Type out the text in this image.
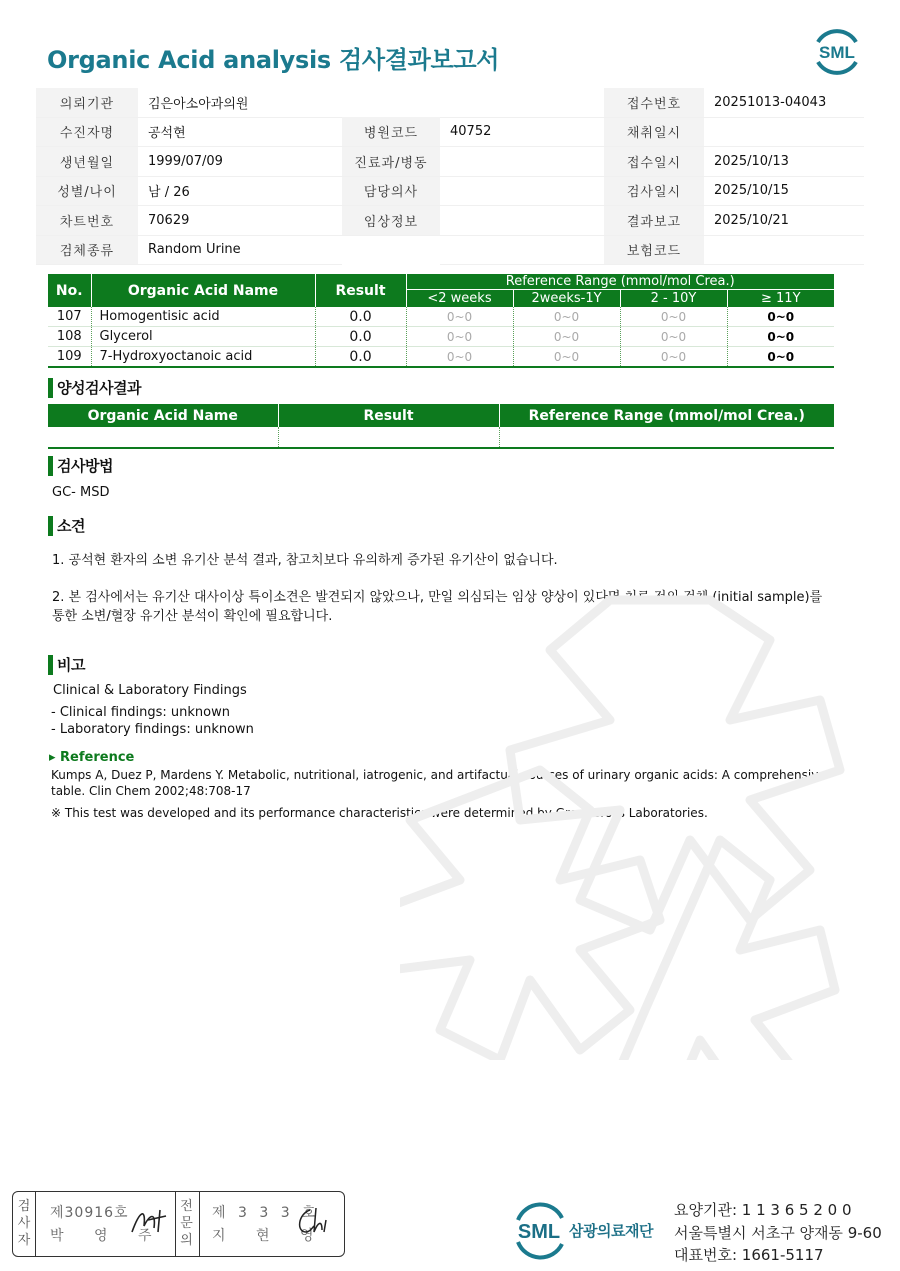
Organic Acid analysis 검사결과보고서	SML
의뢰기관	김은아소아과의원			접수번호	20251013-04043
수진자명	공석현	병원코드	40752	채취일시	
생년월일	1999/07/09	진료과/병동		접수일시	2025/10/13
성별/나이	남 / 26	담당의사		검사일시	2025/10/15
차트번호	70629	임상정보		결과보고	2025/10/21
검체종류	Random Urine			보험코드	
No.	Organic Acid Name	Result	Reference Range (mmol/mol Crea.)			
			<2 weeks	2weeks-1Y	2 - 10Y	≥ 11Y
107	Homogentisic acid	0.0	0~0	0~0	0~0	0~0
108	Glycerol	0.0	0~0	0~0	0~0	0~0
109	7-Hydroxyoctanoic acid	0.0	0~0	0~0	0~0	0~0
양성검사결과
Organic Acid Name	Result	Reference Range (mmol/mol Crea.)

검사방법
GC- MSD
소견
1. 공석현 환자의 소변 유기산 분석 결과, 참고치보다 유의하게 증가된 유기산이 없습니다.
2. 본 검사에서는 유기산 대사이상 특이소견은 발견되지 않았으나, 만일 의심되는 임상 양상이 있다면 치료 전의 검체 (initial sample)를
통한 소변/혈장 유기산 분석이 확인에 필요합니다.
비고
Clinical & Laboratory Findings
- Clinical findings: unknown
- Laboratory findings: unknown
▸ Reference
Kumps A, Duez P, Mardens Y. Metabolic, nutritional, iatrogenic, and artifactual sources of urinary organic acids: A comprehensive
table. Clin Chem 2002;48:708-17
※ This test was developed and its performance characteristics were determined by GreenCross Laboratories.
검
사
자
제30916호
박 영 주
전
문
의
제 3 3 3 호
지 현 영	SML 삼광의료재단
요양기관: 1 1 3 6 5 2 0 0
서울특별시 서초구 양재동 9-60
대표번호: 1661-5117
